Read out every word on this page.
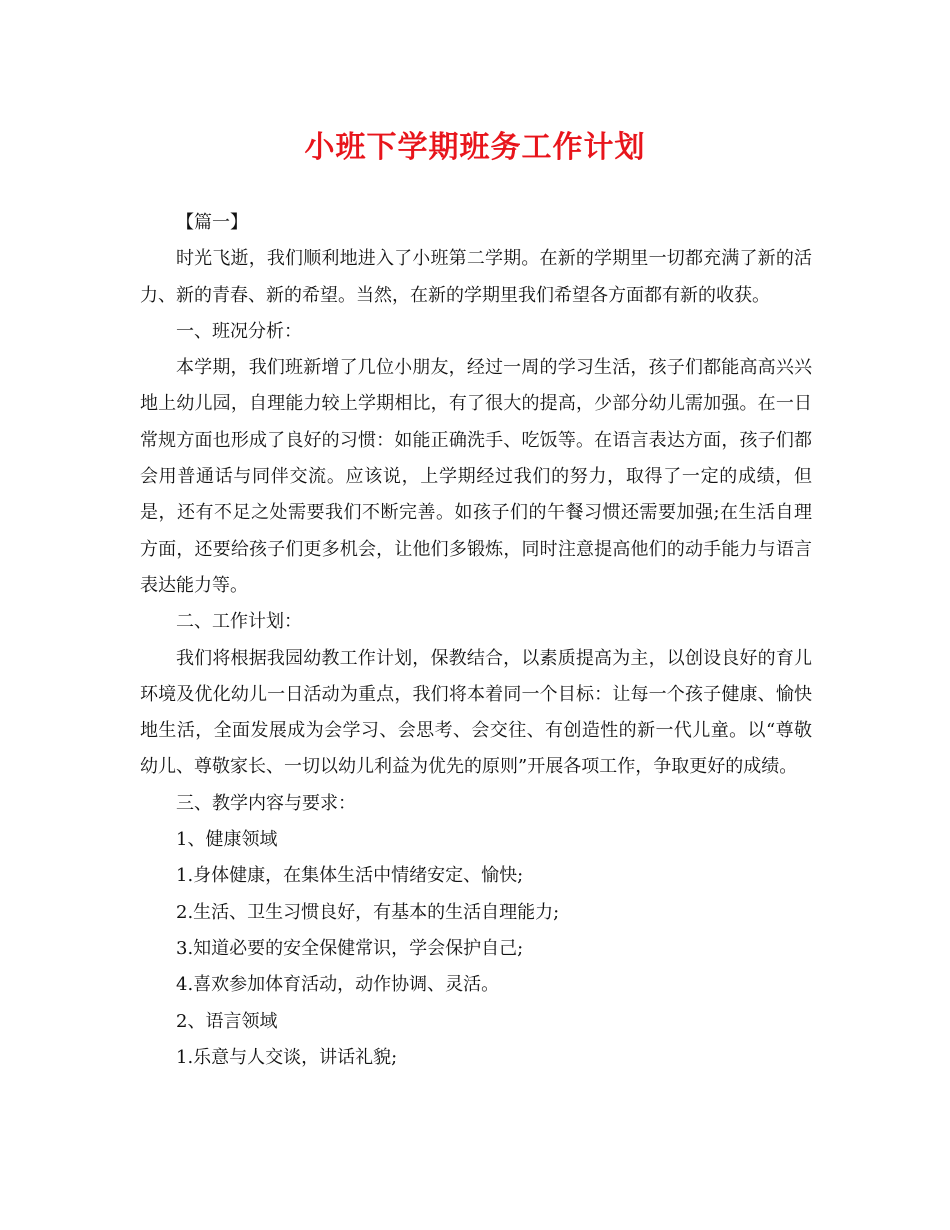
小班下学期班务工作计划

【篇一】

时光飞逝，我们顺利地进入了小班第二学期。在新的学期里一切都充满了新的活力、新的青春、新的希望。当然，在新的学期里我们希望各方面都有新的收获。

一、班况分析：

本学期，我们班新增了几位小朋友，经过一周的学习生活，孩子们都能高高兴兴地上幼儿园，自理能力较上学期相比，有了很大的提高，少部分幼儿需加强。在一日常规方面也形成了良好的习惯：如能正确洗手、吃饭等。在语言表达方面，孩子们都会用普通话与同伴交流。应该说，上学期经过我们的努力，取得了一定的成绩，但是，还有不足之处需要我们不断完善。如孩子们的午餐习惯还需要加强;在生活自理方面，还要给孩子们更多机会，让他们多锻炼，同时注意提高他们的动手能力与语言表达能力等。

二、工作计划：

我们将根据我园幼教工作计划，保教结合，以素质提高为主，以创设良好的育儿环境及优化幼儿一日活动为重点，我们将本着同一个目标：让每一个孩子健康、愉快地生活，全面发展成为会学习、会思考、会交往、有创造性的新一代儿童。以“尊敬幼儿、尊敬家长、一切以幼儿利益为优先的原则”开展各项工作，争取更好的成绩。

三、教学内容与要求：

1、健康领域

1.身体健康，在集体生活中情绪安定、愉快;

2.生活、卫生习惯良好，有基本的生活自理能力;

3.知道必要的安全保健常识，学会保护自己;

4.喜欢参加体育活动，动作协调、灵活。

2、语言领域

1.乐意与人交谈，讲话礼貌;
